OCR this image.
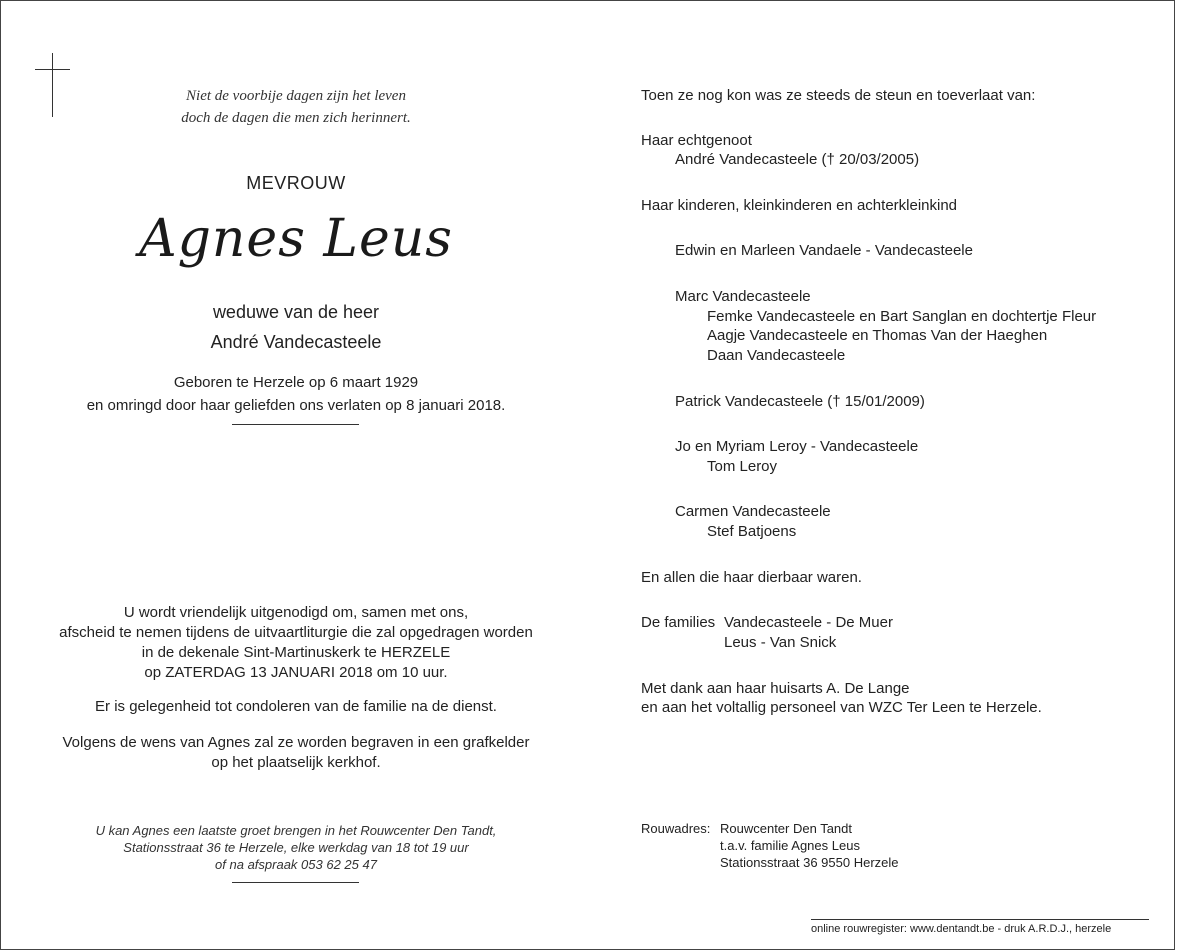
Niet de voorbije dagen zijn het leven
doch de dagen die men zich herinnert.
MEVROUW
Agnes Leus
weduwe van de heer
André Vandecasteele
Geboren te Herzele op 6 maart 1929
en omringd door haar geliefden ons verlaten op 8 januari 2018.
U wordt vriendelijk uitgenodigd om, samen met ons,
afscheid te nemen tijdens de uitvaartliturgie die zal opgedragen worden
in de dekenale Sint-Martinuskerk te HERZELE
op ZATERDAG 13 JANUARI 2018 om 10 uur.
Er is gelegenheid tot condoleren van de familie na de dienst.
Volgens de wens van Agnes zal ze worden begraven in een grafkelder
op het plaatselijk kerkhof.
U kan Agnes een laatste groet brengen in het Rouwcenter Den Tandt,
Stationsstraat 36 te Herzele, elke werkdag van 18 tot 19 uur
of na afspraak 053 62 25 47
Toen ze nog kon was ze steeds de steun en toeverlaat van:
Haar echtgenoot
André Vandecasteele († 20/03/2005)
Haar kinderen, kleinkinderen en achterkleinkind
Edwin en Marleen Vandaele - Vandecasteele
Marc Vandecasteele
Femke Vandecasteele en Bart Sanglan en dochtertje Fleur
Aagje Vandecasteele en Thomas Van der Haeghen
Daan Vandecasteele
Patrick Vandecasteele († 15/01/2009)
Jo en Myriam Leroy - Vandecasteele
Tom Leroy
Carmen Vandecasteele
Stef Batjoens
En allen die haar dierbaar waren.
De families Vandecasteele - De Muer
Leus - Van Snick
Met dank aan haar huisarts A. De Lange
en aan het voltallig personeel van WZC Ter Leen te Herzele.
Rouwadres: Rouwcenter Den Tandt
t.a.v. familie Agnes Leus
Stationsstraat 36 9550 Herzele
online rouwregister: www.dentandt.be - druk A.R.D.J., herzele
